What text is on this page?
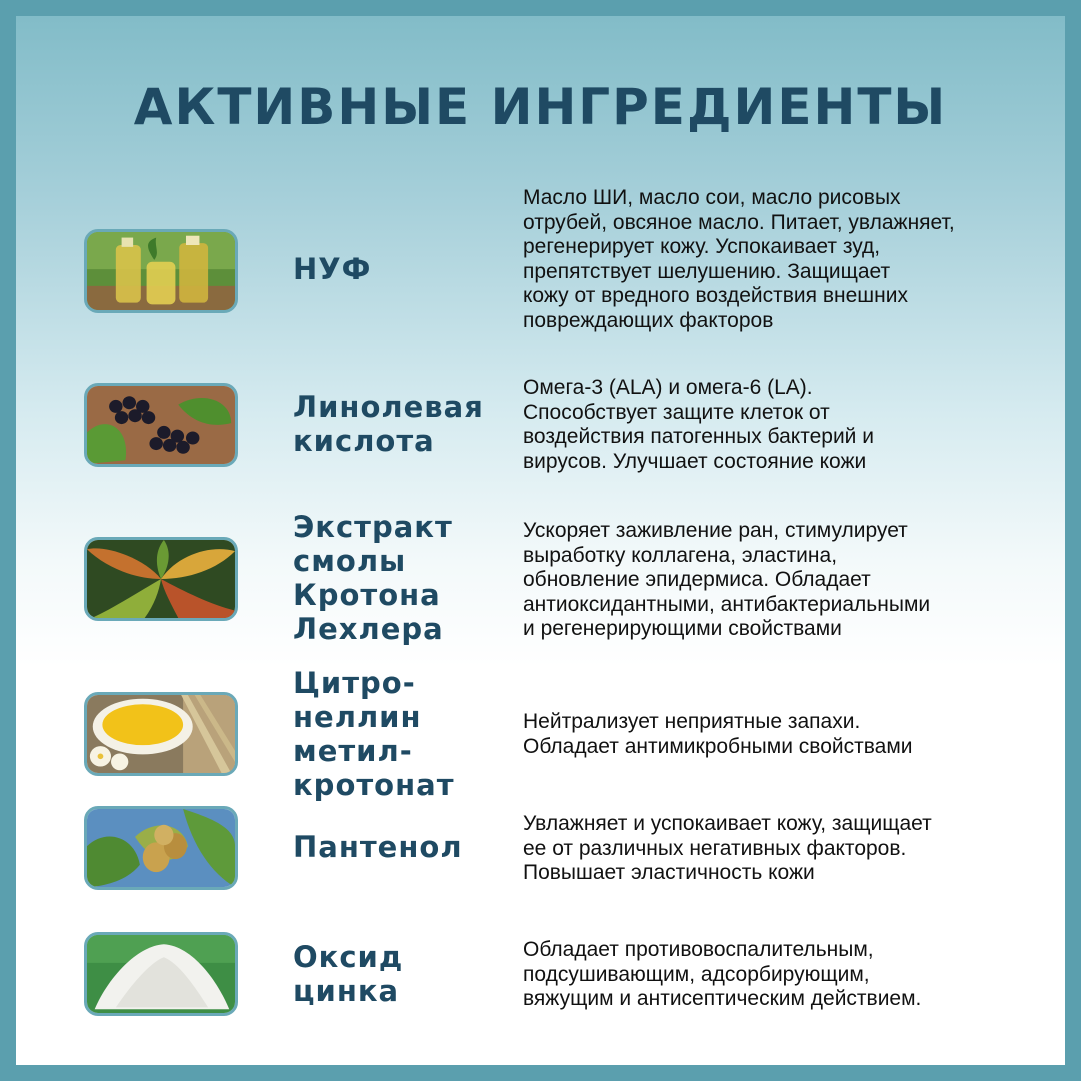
АКТИВНЫЕ ИНГРЕДИЕНТЫ
НУФ
Масло ШИ, масло сои, масло рисовых
отрубей, овсяное масло. Питает, увлажняет,
регенерирует кожу. Успокаивает зуд,
препятствует шелушению. Защищает
кожу от вредного воздействия внешних
повреждающих факторов
Линолевая
кислота
Омега-3 (ALA) и омега-6 (LA).
Способствует защите клеток от
воздействия патогенных бактерий и
вирусов. Улучшает состояние кожи
Экстракт
смолы
Кротона
Лехлера
Ускоряет заживление ран, стимулирует
выработку коллагена, эластина,
обновление эпидермиса. Обладает
антиоксидантными, антибактериальными
и регенерирующими свойствами
Цитро-
неллин
метил-
кротонат
Нейтрализует неприятные запахи.
Обладает антимикробными свойствами
Пантенол
Увлажняет и успокаивает кожу, защищает
ее от различных негативных факторов.
Повышает эластичность кожи
Оксид
цинка
Обладает противовоспалительным,
подсушивающим, адсорбирующим,
вяжущим и антисептическим действием.
